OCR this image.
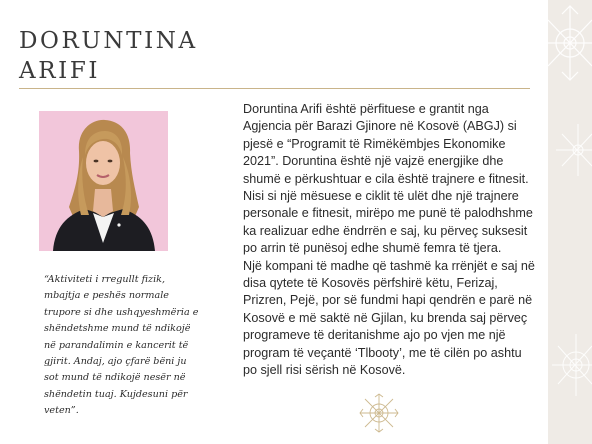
DORUNTINA
ARIFI
“Aktiviteti i rregullt fizik, mbajtja e peshës normale trupore si dhe ushqyeshmëria e shëndetshme mund të ndikojë në parandalimin e kancerit të gjirit. Andaj, ajo çfarë bëni ju sot mund të ndikojë nesër në shëndetin tuaj. Kujdesuni për veten”.

Doruntina Arifi është përfituese e grantit nga
Agjencia për Barazi Gjinore në Kosovë (ABGJ) si
pjesë e “Programit të Rimëkëmbjes Ekonomike
2021”. Doruntina është një vajzë energjike dhe
shumë e përkushtuar e cila është trajnere e fitnesit.
Nisi si një mësuese e ciklit të ulët dhe një trajnere
personale e fitnesit, mirëpo me punë të palodhshme
ka realizuar edhe ëndrrën e saj, ku përveç suksesit
po arrin të punësoj edhe shumë femra të tjera.

Një kompani të madhe që tashmë ka rrënjët e saj në
disa qytete të Kosovës përfshirë këtu, Ferizaj,
Prizren, Pejë, por së fundmi hapi qendrën e parë në
Kosovë e më saktë në Gjilan, ku brenda saj përveç
programeve të deritanishme ajo po vjen me një
program të veçantë ‘Tlbooty’, me të cilën po ashtu
po sjell risi sërish në Kosovë.
